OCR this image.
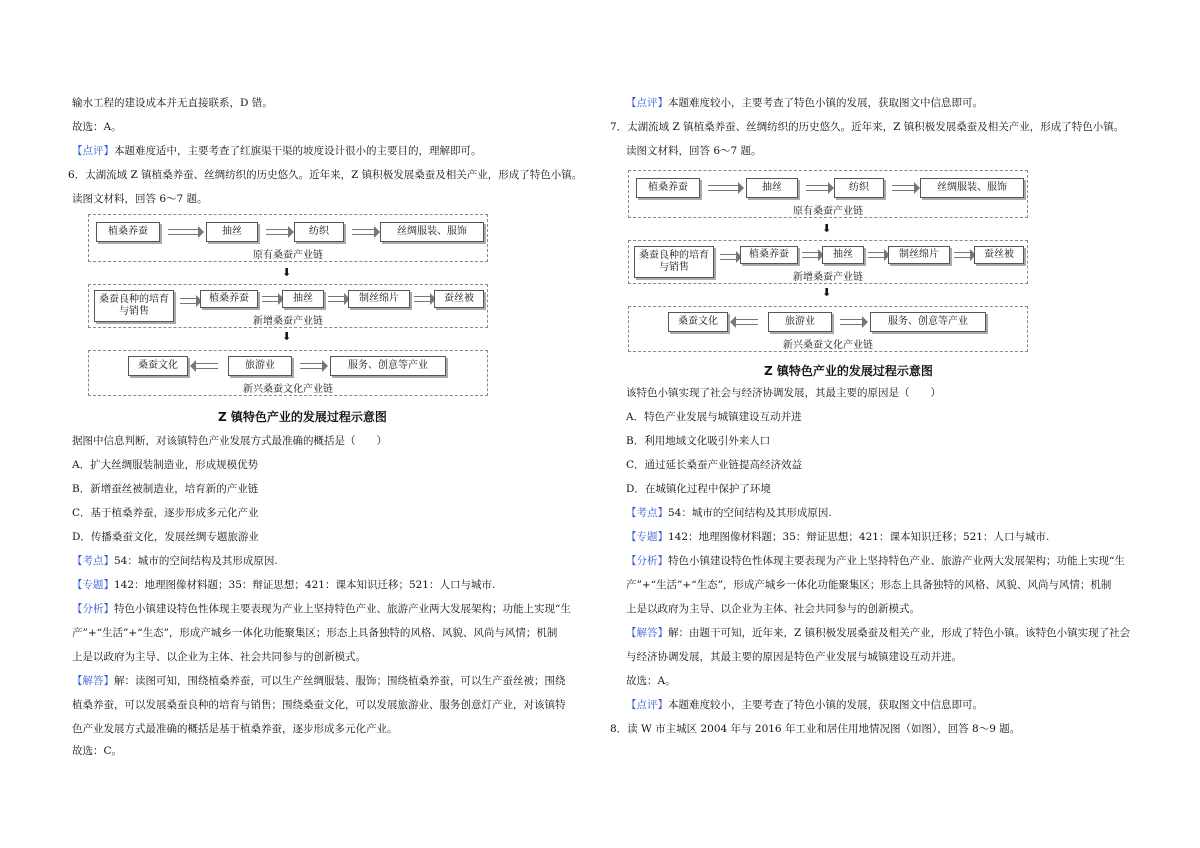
输水工程的建设成本并无直接联系，D 错。
故选：A。
【点评】本题难度适中，主要考查了红旗渠干渠的坡度设计很小的主要目的，理解即可。
6．太湖流域 Z 镇植桑养蚕、丝绸纺织的历史悠久。近年来，Z 镇积极发展桑蚕及相关产业，形成了特色小镇。
读图文材料，回答 6～7 题。
植桑养蚕	抽丝	纺织	丝绸服装、服饰
原有桑蚕产业链
⬇
桑蚕良种的培育与销售
植桑养蚕	抽丝	制丝绵片	蚕丝被
新增桑蚕产业链
⬇
桑蚕文化	旅游业	服务、创意等产业
新兴桑蚕文化产业链
Z 镇特色产业的发展过程示意图
据图中信息判断，对该镇特色产业发展方式最准确的概括是（　　）
A．扩大丝绸服装制造业，形成规模优势
B．新增蚕丝被制造业，培育新的产业链
C．基于植桑养蚕，逐步形成多元化产业
D．传播桑蚕文化，发展丝绸专题旅游业
【考点】54：城市的空间结构及其形成原因.
【专题】142：地理图像材料题；35：辩证思想；421：课本知识迁移；521：人口与城市.
【分析】特色小镇建设特色性体现主要表现为产业上坚持特色产业、旅游产业两大发展架构；功能上实现“生
产”+“生活”+“生态”，形成产城乡一体化功能聚集区；形态上具备独特的风格、风貌、风尚与风情；机制
上是以政府为主导、以企业为主体、社会共同参与的创新模式。
【解答】解：读图可知，围绕植桑养蚕，可以生产丝绸服装、服饰；围绕植桑养蚕，可以生产蚕丝被；围绕
植桑养蚕，可以发展桑蚕良种的培育与销售；围绕桑蚕文化，可以发展旅游业、服务创意灯产业，对该镇特
色产业发展方式最准确的概括是基于植桑养蚕，逐步形成多元化产业。
故选：C。
【点评】本题难度较小，主要考查了特色小镇的发展，获取图文中信息即可。
7．太湖流域 Z 镇植桑养蚕、丝绸纺织的历史悠久。近年来，Z 镇积极发展桑蚕及相关产业，形成了特色小镇。
读图文材料，回答 6～7 题。
植桑养蚕	抽丝	纺织	丝绸服装、服饰
原有桑蚕产业链
⬇
桑蚕良种的培育与销售
植桑养蚕	抽丝	制丝绵片	蚕丝被
新增桑蚕产业链
⬇
桑蚕文化	旅游业	服务、创意等产业
新兴桑蚕文化产业链
Z 镇特色产业的发展过程示意图
该特色小镇实现了社会与经济协调发展，其最主要的原因是（　　）
A．特色产业发展与城镇建设互动并进
B．利用地域文化吸引外来人口
C．通过延长桑蚕产业链提高经济效益
D．在城镇化过程中保护了环境
【考点】54：城市的空间结构及其形成原因.
【专题】142：地理图像材料题；35：辩证思想；421：课本知识迁移；521：人口与城市.
【分析】特色小镇建设特色性体现主要表现为产业上坚持特色产业、旅游产业两大发展架构；功能上实现“生
产”+“生活”+“生态”，形成产城乡一体化功能聚集区；形态上具备独特的风格、风貌、风尚与风情；机制
上是以政府为主导、以企业为主体、社会共同参与的创新模式。
【解答】解：由题干可知，近年来，Z 镇积极发展桑蚕及相关产业，形成了特色小镇。该特色小镇实现了社会
与经济协调发展，其最主要的原因是特色产业发展与城镇建设互动并进。
故选：A。
【点评】本题难度较小，主要考查了特色小镇的发展，获取图文中信息即可。
8．读 W 市主城区 2004 年与 2016 年工业和居住用地情况图（如图），回答 8～9 题。
